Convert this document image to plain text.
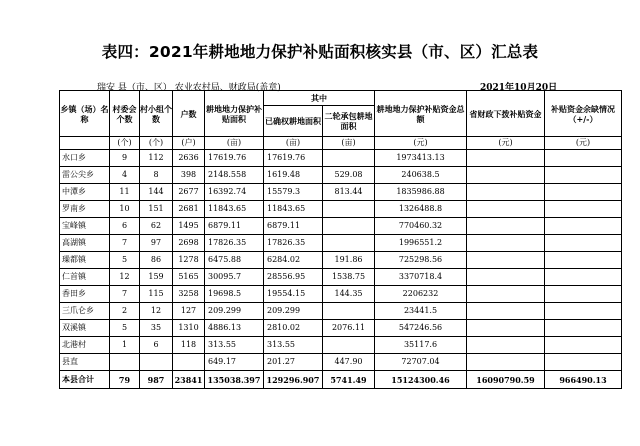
表四：2021年耕地地力保护补贴面积核实县（市、区）汇总表
瑞安 县（市、区） 农业农村局、财政局(盖章)	2021年10月20日
乡镇（场）名称	村委会个数	村小组个数	户数	耕地地力保护补贴面积	其中		耕地地力保护补贴资金总额	省财政下拨补贴资金	补贴资金余缺情况（+/-）
					已确权耕地面积	二轮承包耕地面积			
	(个)	(个)	(户)	(亩)	(亩)	(亩)	(元)	(元)	(元)
水口乡	9	112	2636	17619.76	17619.76		1973413.13		
雷公尖乡	4	8	398	2148.558	1619.48	529.08	240638.5		
中潭乡	11	144	2677	16392.74	15579.3	813.44	1835986.88		
罗南乡	10	151	2681	11843.65	11843.65		1326488.8		
宝峰镇	6	62	1495	6879.11	6879.11		770460.32		
高湖镇	7	97	2698	17826.35	17826.35		1996551.2		
璪都镇	5	86	1278	6475.88	6284.02	191.86	725298.56		
仁首镇	12	159	5165	30095.7	28556.95	1538.75	3370718.4		
香田乡	7	115	3258	19698.5	19554.15	144.35	2206232		
三爪仑乡	2	12	127	209.299	209.299		23441.5		
双溪镇	5	35	1310	4886.13	2810.02	2076.11	547246.56		
北港村	1	6	118	313.55	313.55		35117.6		
县直				649.17	201.27	447.90	72707.04		
本县合计	79	987	23841	135038.397	129296.907	5741.49	15124300.46	16090790.59	966490.13
